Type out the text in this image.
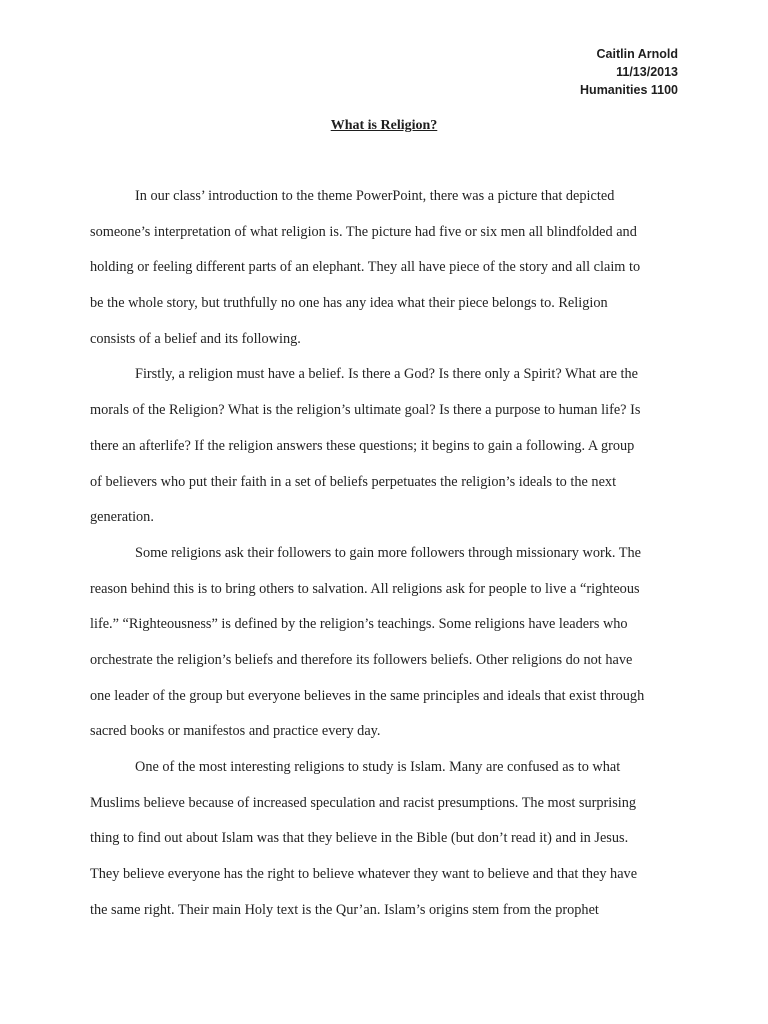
Caitlin Arnold
11/13/2013
Humanities 1100
What is Religion?
In our class’ introduction to the theme PowerPoint, there was a picture that depicted
someone’s interpretation of what religion is. The picture had five or six men all blindfolded and
holding or feeling different parts of an elephant. They all have piece of the story and all claim to
be the whole story, but truthfully no one has any idea what their piece belongs to. Religion
consists of a belief and its following.
Firstly, a religion must have a belief. Is there a God? Is there only a Spirit? What are the
morals of the Religion? What is the religion’s ultimate goal? Is there a purpose to human life? Is
there an afterlife? If the religion answers these questions; it begins to gain a following. A group
of believers who put their faith in a set of beliefs perpetuates the religion’s ideals to the next
generation.
Some religions ask their followers to gain more followers through missionary work. The
reason behind this is to bring others to salvation. All religions ask for people to live a “righteous
life.” “Righteousness” is defined by the religion’s teachings. Some religions have leaders who
orchestrate the religion’s beliefs and therefore its followers beliefs. Other religions do not have
one leader of the group but everyone believes in the same principles and ideals that exist through
sacred books or manifestos and practice every day.
One of the most interesting religions to study is Islam. Many are confused as to what
Muslims believe because of increased speculation and racist presumptions. The most surprising
thing to find out about Islam was that they believe in the Bible (but don’t read it) and in Jesus.
They believe everyone has the right to believe whatever they want to believe and that they have
the same right. Their main Holy text is the Qur’an. Islam’s origins stem from the prophet
